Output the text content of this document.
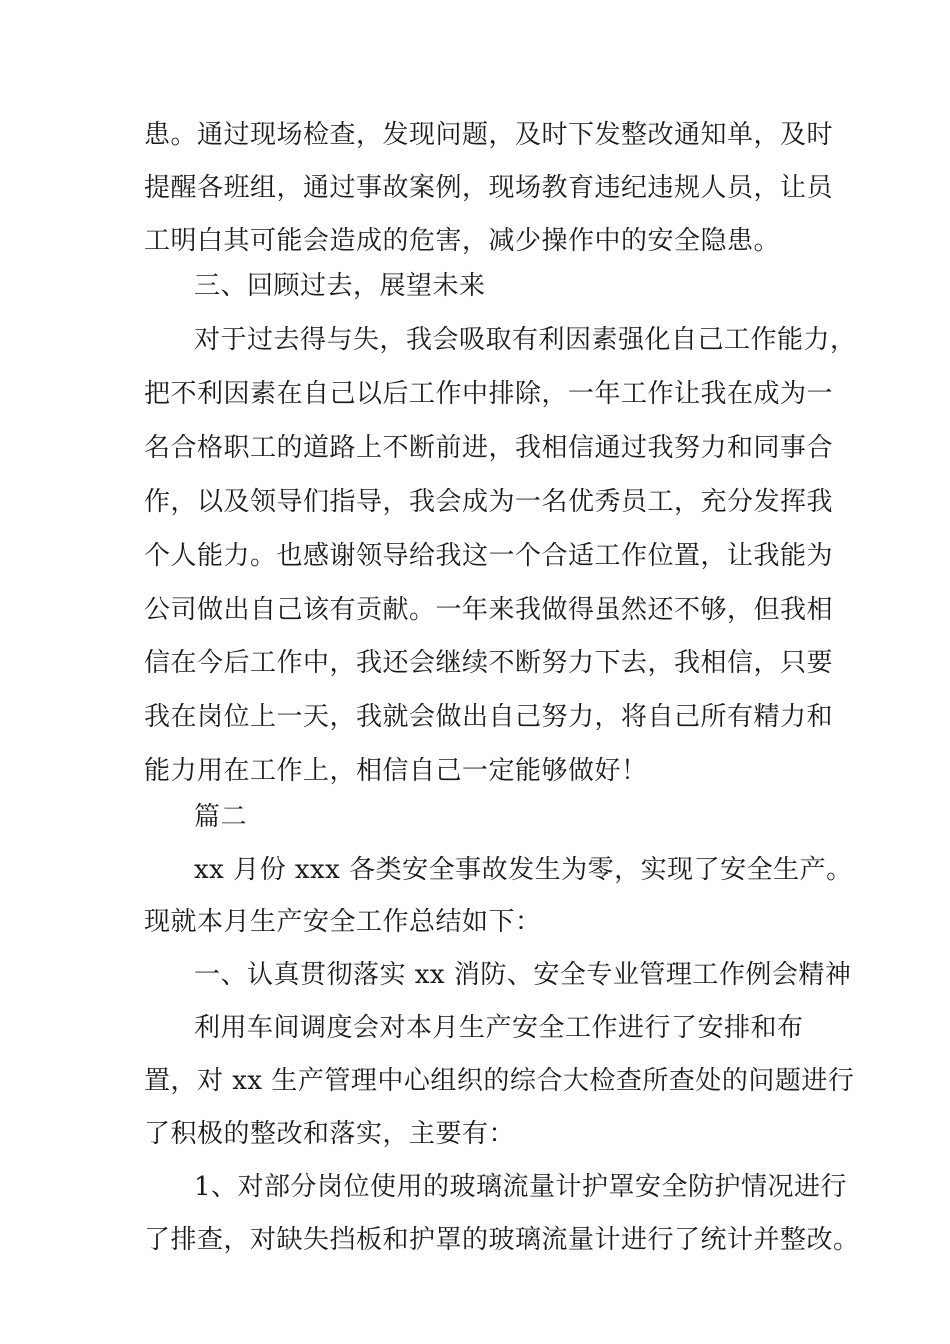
患。通过现场检查，发现问题，及时下发整改通知单，及时
提醒各班组，通过事故案例，现场教育违纪违规人员，让员
工明白其可能会造成的危害，减少操作中的安全隐患。
三、回顾过去，展望未来
对于过去得与失，我会吸取有利因素强化自己工作能力，
把不利因素在自己以后工作中排除，一年工作让我在成为一
名合格职工的道路上不断前进，我相信通过我努力和同事合
作，以及领导们指导，我会成为一名优秀员工，充分发挥我
个人能力。也感谢领导给我这一个合适工作位置，让我能为
公司做出自己该有贡献。一年来我做得虽然还不够，但我相
信在今后工作中，我还会继续不断努力下去，我相信，只要
我在岗位上一天，我就会做出自己努力，将自己所有精力和
能力用在工作上，相信自己一定能够做好！
篇二
xx 月份 xxx 各类安全事故发生为零，实现了安全生产。
现就本月生产安全工作总结如下：
一、认真贯彻落实 xx 消防、安全专业管理工作例会精神
利用车间调度会对本月生产安全工作进行了安排和布
置，对 xx 生产管理中心组织的综合大检查所查处的问题进行
了积极的整改和落实，主要有：
1、对部分岗位使用的玻璃流量计护罩安全防护情况进行
了排查，对缺失挡板和护罩的玻璃流量计进行了统计并整改。
